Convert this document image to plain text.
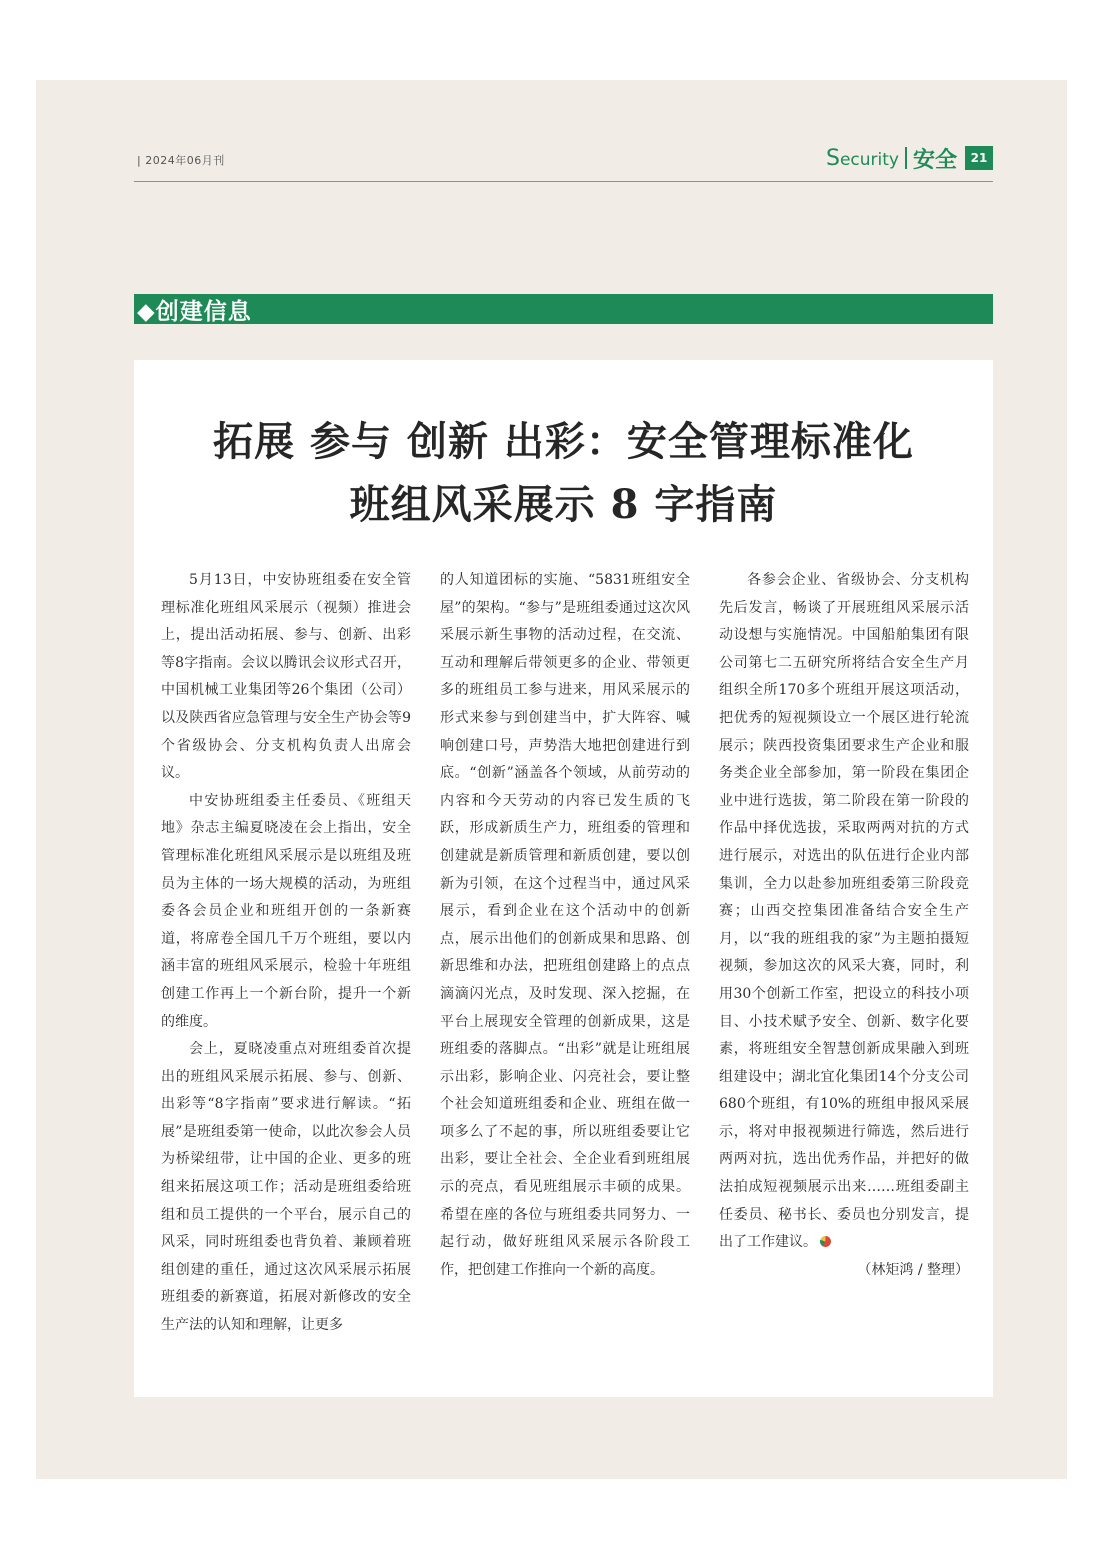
| 2024年06月刊	Security 安全	21
◆创建信息
拓展 参与 创新 出彩：安全管理标准化
班组风采展示 8 字指南

5月13日，中安协班组委在安全管理标准化班组风采展示（视频）推进会上，提出活动拓展、参与、创新、出彩等8字指南。会议以腾讯会议形式召开，中国机械工业集团等26个集团（公司）以及陕西省应急管理与安全生产协会等9个省级协会、分支机构负责人出席会议。

中安协班组委主任委员、《班组天地》杂志主编夏晓凌在会上指出，安全管理标准化班组风采展示是以班组及班员为主体的一场大规模的活动，为班组委各会员企业和班组开创的一条新赛道，将席卷全国几千万个班组，要以内涵丰富的班组风采展示，检验十年班组创建工作再上一个新台阶，提升一个新的维度。

会上，夏晓凌重点对班组委首次提出的班组风采展示拓展、参与、创新、出彩等“8字指南”要求进行解读。“拓展”是班组委第一使命，以此次参会人员为桥梁纽带，让中国的企业、更多的班组来拓展这项工作；活动是班组委给班组和员工提供的一个平台，展示自己的风采，同时班组委也背负着、兼顾着班组创建的重任，通过这次风采展示拓展班组委的新赛道，拓展对新修改的安全生产法的认知和理解，让更多

的人知道团标的实施、“5831班组安全屋”的架构。“参与”是班组委通过这次风采展示新生事物的活动过程，在交流、互动和理解后带领更多的企业、带领更多的班组员工参与进来，用风采展示的形式来参与到创建当中，扩大阵容、喊响创建口号，声势浩大地把创建进行到底。“创新”涵盖各个领域，从前劳动的内容和今天劳动的内容已发生质的飞跃，形成新质生产力，班组委的管理和创建就是新质管理和新质创建，要以创新为引领，在这个过程当中，通过风采展示，看到企业在这个活动中的创新点，展示出他们的创新成果和思路、创新思维和办法，把班组创建路上的点点滴滴闪光点，及时发现、深入挖掘，在平台上展现安全管理的创新成果，这是班组委的落脚点。“出彩”就是让班组展示出彩，影响企业、闪亮社会，要让整个社会知道班组委和企业、班组在做一项多么了不起的事，所以班组委要让它出彩，要让全社会、全企业看到班组展示的亮点，看见班组展示丰硕的成果。希望在座的各位与班组委共同努力、一起行动，做好班组风采展示各阶段工作，把创建工作推向一个新的高度。

各参会企业、省级协会、分支机构先后发言，畅谈了开展班组风采展示活动设想与实施情况。中国船舶集团有限公司第七二五研究所将结合安全生产月组织全所170多个班组开展这项活动，把优秀的短视频设立一个展区进行轮流展示；陕西投资集团要求生产企业和服务类企业全部参加，第一阶段在集团企业中进行选拔，第二阶段在第一阶段的作品中择优选拔，采取两两对抗的方式进行展示，对选出的队伍进行企业内部集训，全力以赴参加班组委第三阶段竞赛；山西交控集团准备结合安全生产月，以“我的班组我的家”为主题拍摄短视频，参加这次的风采大赛，同时，利用30个创新工作室，把设立的科技小项目、小技术赋予安全、创新、数字化要素，将班组安全智慧创新成果融入到班组建设中；湖北宜化集团14个分支公司680个班组，有10%的班组申报风采展示，将对申报视频进行筛选，然后进行两两对抗，选出优秀作品，并把好的做法拍成短视频展示出来……班组委副主任委员、秘书长、委员也分别发言，提出了工作建议。

（林矩鸿 / 整理）
